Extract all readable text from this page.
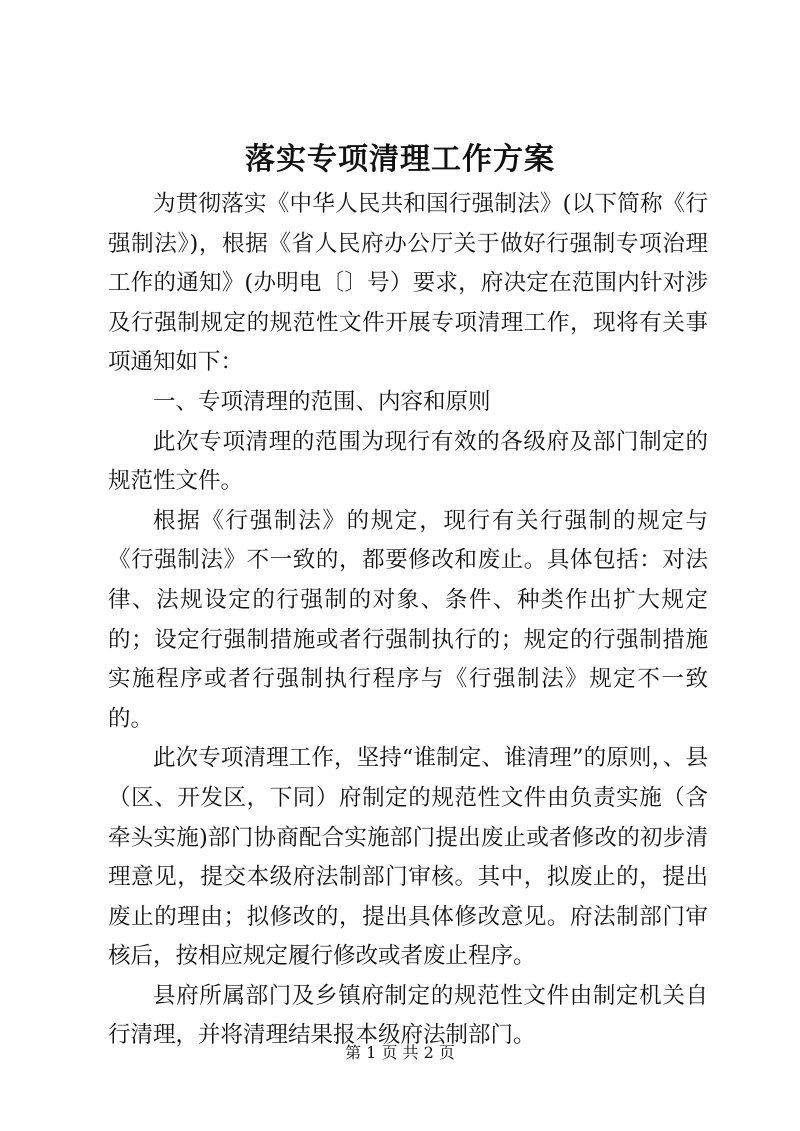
落实专项清理工作方案

为贯彻落实《中华人民共和国行强制法》(以下简称《行强制法》)，根据《省人民府办公厅关于做好行强制专项治理工作的通知》(办明电〔〕号）要求，府决定在范围内针对涉及行强制规定的规范性文件开展专项清理工作，现将有关事项通知如下：

一、专项清理的范围、内容和原则

此次专项清理的范围为现行有效的各级府及部门制定的规范性文件。

根据《行强制法》的规定，现行有关行强制的规定与《行强制法》不一致的，都要修改和废止。具体包括：对法律、法规设定的行强制的对象、条件、种类作出扩大规定的；设定行强制措施或者行强制执行的；规定的行强制措施实施程序或者行强制执行程序与《行强制法》规定不一致的。

此次专项清理工作，坚持“谁制定、谁清理”的原则，、县（区、开发区，下同）府制定的规范性文件由负责实施（含牵头实施)部门协商配合实施部门提出废止或者修改的初步清理意见，提交本级府法制部门审核。其中，拟废止的，提出废止的理由；拟修改的，提出具体修改意见。府法制部门审核后，按相应规定履行修改或者废止程序。

县府所属部门及乡镇府制定的规范性文件由制定机关自行清理，并将清理结果报本级府法制部门。

第 1 页 共 2 页
